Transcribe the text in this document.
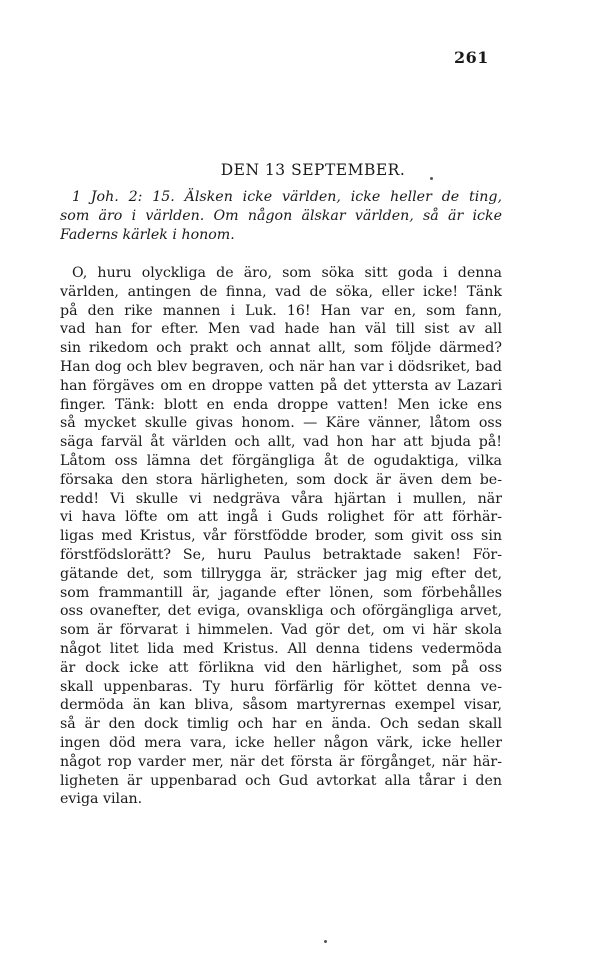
261
DEN 13 SEPTEMBER.
1 Joh. 2: 15. Älsken icke världen, icke heller de ting,
som äro i världen. Om någon älskar världen, så är icke
Faderns kärlek i honom.
O, huru olyckliga de äro, som söka sitt goda i denna
världen, antingen de finna, vad de söka, eller icke! Tänk
på den rike mannen i Luk. 16! Han var en, som fann,
vad han for efter. Men vad hade han väl till sist av all
sin rikedom och prakt och annat allt, som följde därmed?
Han dog och blev begraven, och när han var i dödsriket, bad
han förgäves om en droppe vatten på det yttersta av Lazari
finger. Tänk: blott en enda droppe vatten! Men icke ens
så mycket skulle givas honom. — Käre vänner, låtom oss
säga farväl åt världen och allt, vad hon har att bjuda på!
Låtom oss lämna det förgängliga åt de ogudaktiga, vilka
försaka den stora härligheten, som dock är även dem be-
redd! Vi skulle vi nedgräva våra hjärtan i mullen, när
vi hava löfte om att ingå i Guds rolighet för att förhär-
ligas med Kristus, vår förstfödde broder, som givit oss sin
förstfödslorätt? Se, huru Paulus betraktade saken! För-
gätande det, som tillrygga är, sträcker jag mig efter det,
som frammantill är, jagande efter lönen, som förbehålles
oss ovanefter, det eviga, ovanskliga och oförgängliga arvet,
som är förvarat i himmelen. Vad gör det, om vi här skola
något litet lida med Kristus. All denna tidens vedermöda
är dock icke att förlikna vid den härlighet, som på oss
skall uppenbaras. Ty huru förfärlig för köttet denna ve-
dermöda än kan bliva, såsom martyrernas exempel visar,
så är den dock timlig och har en ända. Och sedan skall
ingen död mera vara, icke heller någon värk, icke heller
något rop varder mer, när det första är förgånget, när här-
ligheten är uppenbarad och Gud avtorkat alla tårar i den
eviga vilan.
